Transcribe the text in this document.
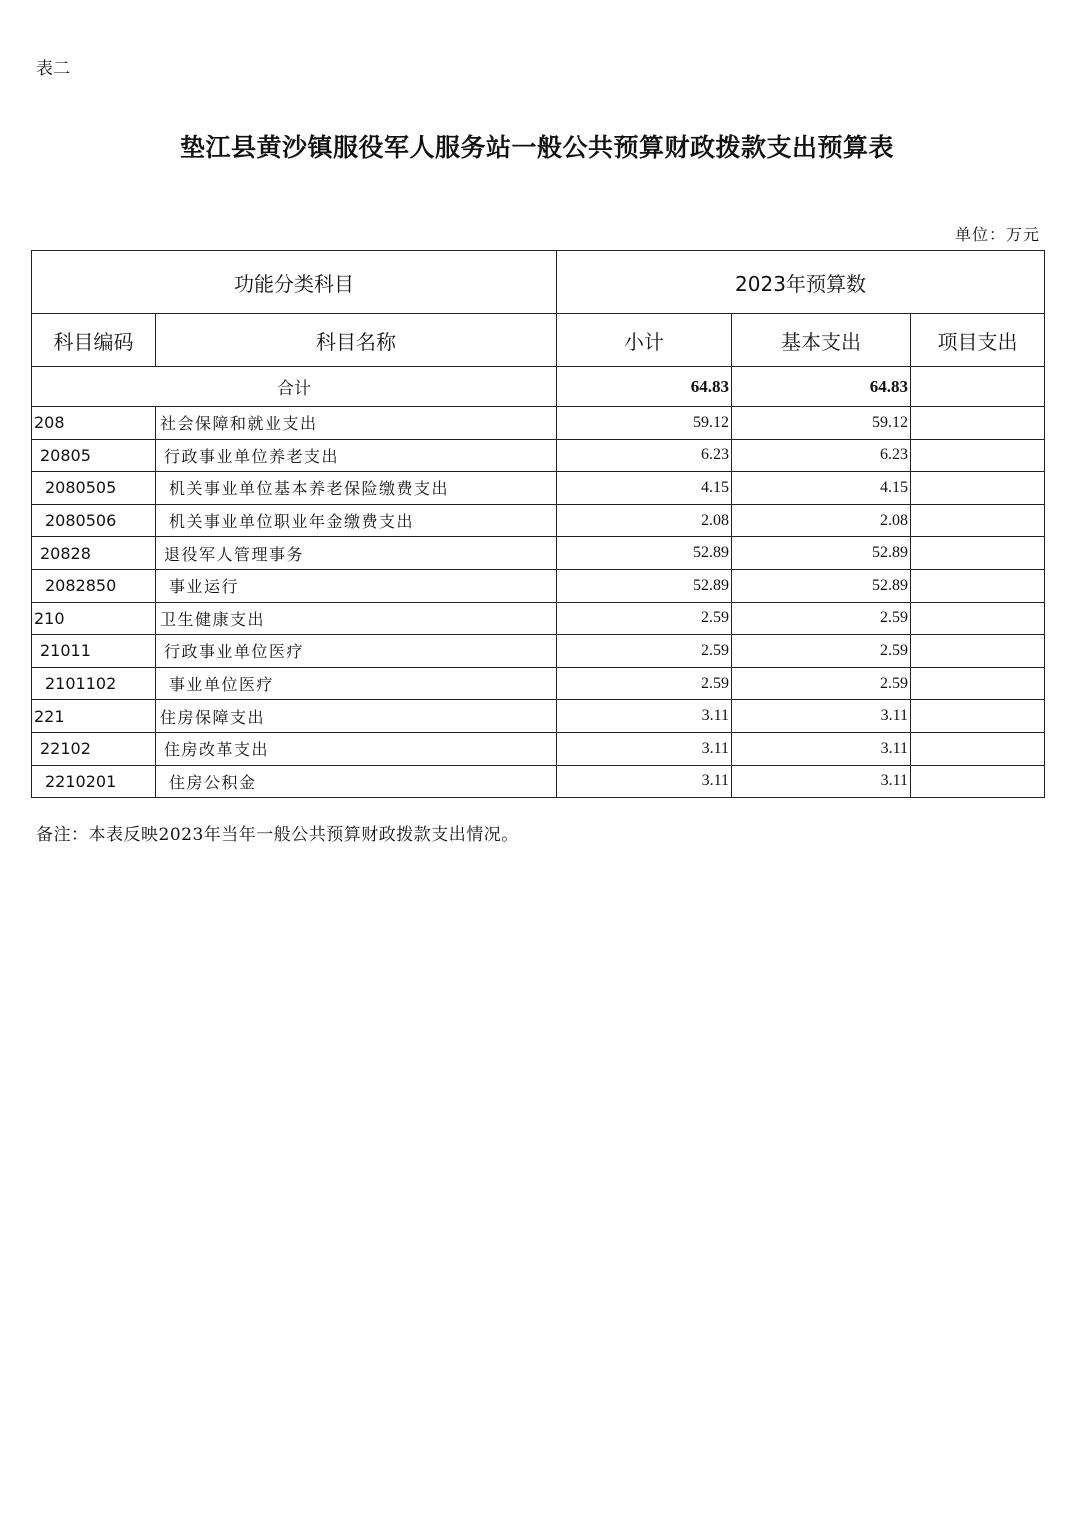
表二
垫江县黄沙镇服役军人服务站一般公共预算财政拨款支出预算表
单位：万元
功能分类科目		2023年预算数		
科目编码	科目名称	小计	基本支出	项目支出
合计		64.83	64.83	
208	社会保障和就业支出	59.12	59.12	
20805	行政事业单位养老支出	6.23	6.23	
2080505	机关事业单位基本养老保险缴费支出	4.15	4.15	
2080506	机关事业单位职业年金缴费支出	2.08	2.08	
20828	退役军人管理事务	52.89	52.89	
2082850	事业运行	52.89	52.89	
210	卫生健康支出	2.59	2.59	
21011	行政事业单位医疗	2.59	2.59	
2101102	事业单位医疗	2.59	2.59	
221	住房保障支出	3.11	3.11	
22102	住房改革支出	3.11	3.11	
2210201	住房公积金	3.11	3.11	
备注：本表反映2023年当年一般公共预算财政拨款支出情况。
